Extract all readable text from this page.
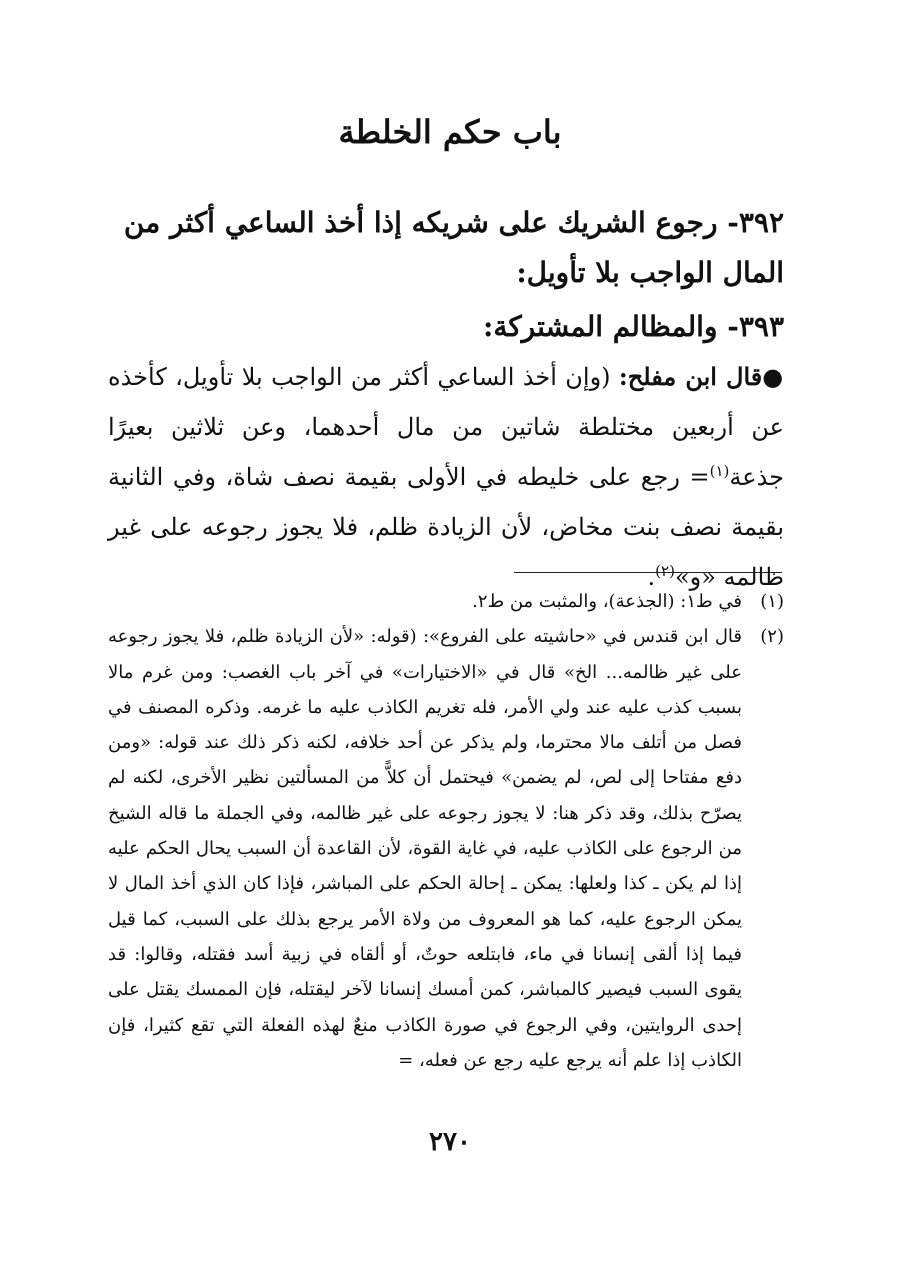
باب حكم الخلطة
٣٩٢- رجوع الشريك على شريكه إذا أخذ الساعي أكثر من المال الواجب بلا تأويل:
٣٩٣- والمظالم المشتركة:

●قال ابن مفلح: (وإن أخذ الساعي أكثر من الواجب بلا تأويل، كأخذه عن أربعين مختلطة شاتين من مال أحدهما، وعن ثلاثين بعيرًا جذعة$^{(١)}$= رجع على خليطه في الأولى بقيمة نصف شاة، وفي الثانية بقيمة نصف بنت مخاض، لأن الزيادة ظلم، فلا يجوز رجوعه على غير ظالمه «و»$^{(٢)}$.

(١)
في ط١: (الجذعة)، والمثبت من ط٢.
(٢)
قال ابن قندس في «حاشيته على الفروع»: (قوله: «لأن الزيادة ظلم، فلا يجوز رجوعه على غير ظالمه... الخ» قال في «الاختيارات» في آخر باب الغصب: ومن غرم مالا بسبب كذب عليه عند ولي الأمر، فله تغريم الكاذب عليه ما غرمه. وذكره المصنف في فصل من أتلف مالا محترما، ولم يذكر عن أحد خلافه، لكنه ذكر ذلك عند قوله: «ومن دفع مفتاحا إلى لص، لم يضمن» فيحتمل أن كلاًّ من المسألتين نظير الأخرى، لكنه لم يصرّح بذلك، وقد ذكر هنا: لا يجوز رجوعه على غير ظالمه، وفي الجملة ما قاله الشيخ من الرجوع على الكاذب عليه، في غاية القوة، لأن القاعدة أن السبب يحال الحكم عليه إذا لم يكن ـ كذا ولعلها: يمكن ـ إحالة الحكم على المباشر، فإذا كان الذي أخذ المال لا يمكن الرجوع عليه، كما هو المعروف من ولاة الأمر يرجع بذلك على السبب، كما قيل فيما إذا ألقى إنسانا في ماء، فابتلعه حوتٌ، أو ألقاه في زبية أسد فقتله، وقالوا: قد يقوى السبب فيصير كالمباشر، كمن أمسك إنسانا لآخر ليقتله، فإن الممسك يقتل على إحدى الروايتين، وفي الرجوع في صورة الكاذب منعٌ لهذه الفعلة التي تقع كثيرا، فإن الكاذب إذا علم أنه يرجع عليه رجع عن فعله، =
٢٧٠
